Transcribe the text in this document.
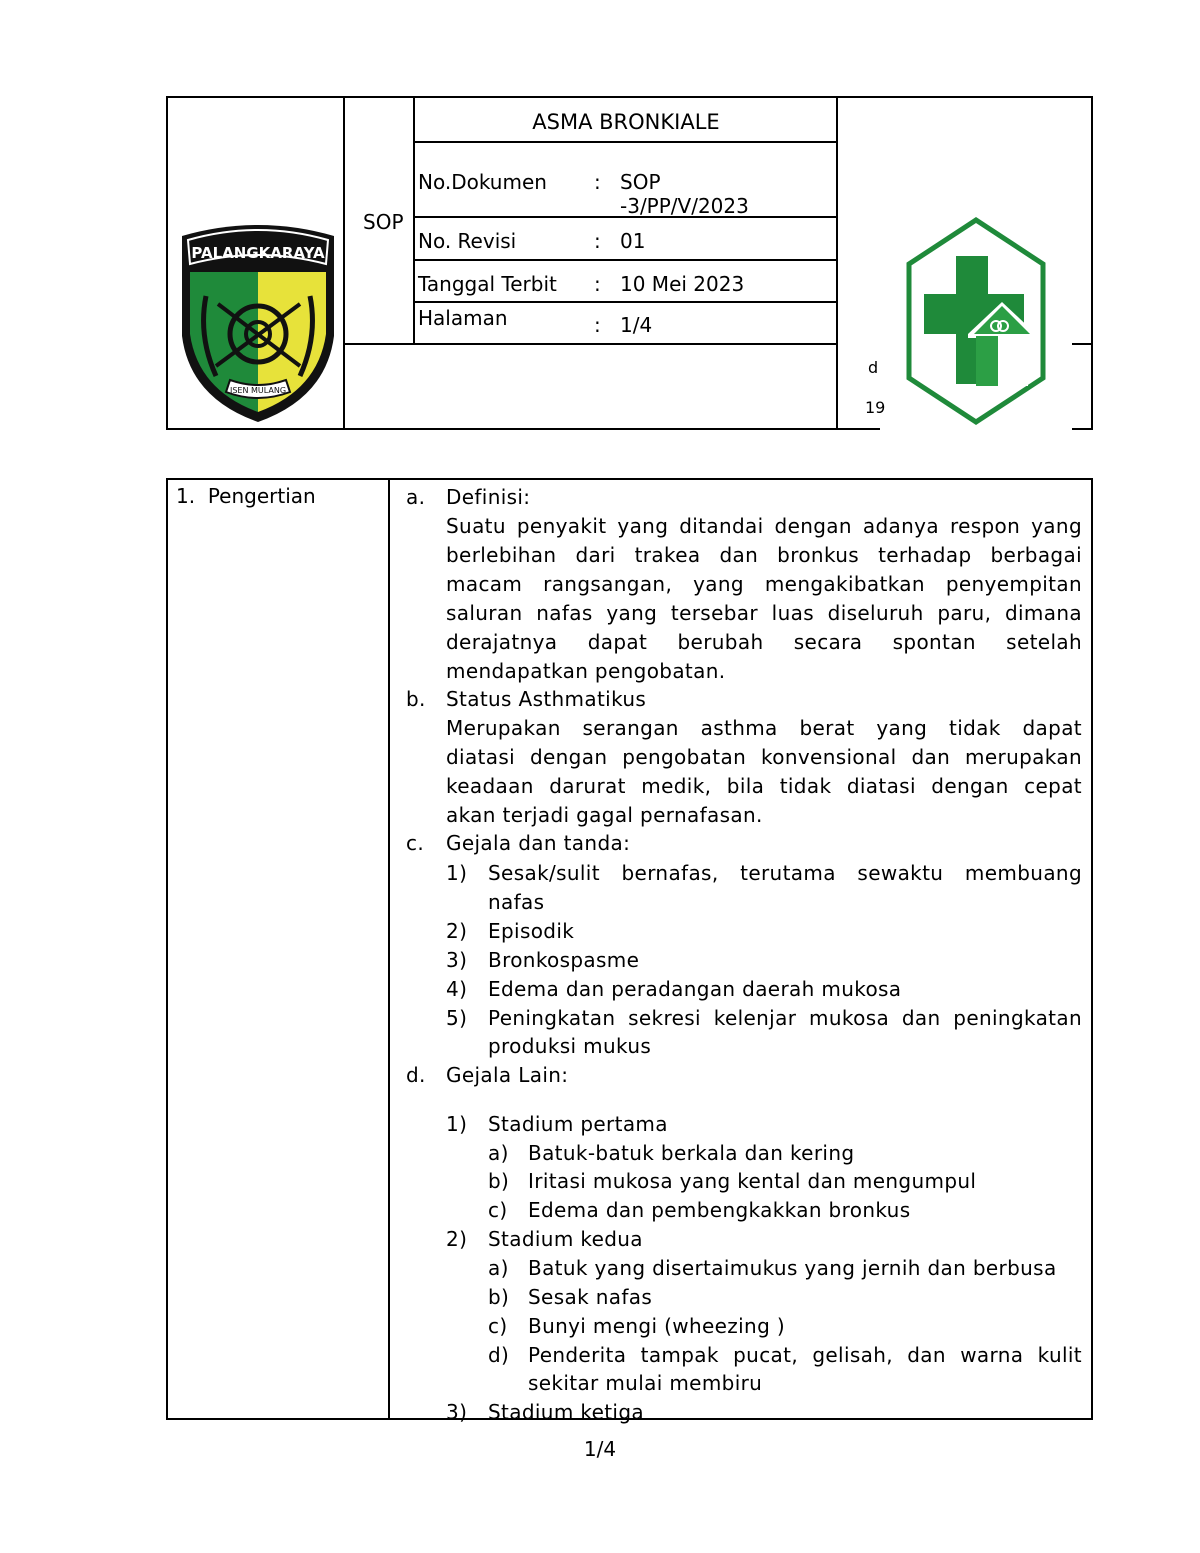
PALANGKARAYA
ISEN MULANG
SOP
ASMA BRONKIALE
No.Dokumen : SOP
-3/PP/V/2023
No. Revisi	: 01
Tanggal Terbit : 10 Mei 2023
Halaman	: 1/4
d
19
1. Pengertian	a. Definisi:
Suatu penyakit yang ditandai dengan adanya respon yang
berlebihan dari trakea dan bronkus terhadap berbagai
macam rangsangan, yang mengakibatkan penyempitan
saluran nafas yang tersebar luas diseluruh paru, dimana
derajatnya dapat berubah secara spontan setelah
mendapatkan pengobatan.
b. Status Asthmatikus
Merupakan serangan asthma berat yang tidak dapat
diatasi dengan pengobatan konvensional dan merupakan
keadaan darurat medik, bila tidak diatasi dengan cepat
akan terjadi gagal pernafasan.
c. Gejala dan tanda:
1) Sesak/sulit bernafas, terutama sewaktu membuang
nafas
2) Episodik
3) Bronkospasme
4) Edema dan peradangan daerah mukosa
5) Peningkatan sekresi kelenjar mukosa dan peningkatan
produksi mukus
d. Gejala Lain:
1) Stadium pertama
a) Batuk-batuk berkala dan kering
b) Iritasi mukosa yang kental dan mengumpul
c) Edema dan pembengkakkan bronkus
2) Stadium kedua
a) Batuk yang disertaimukus yang jernih dan berbusa
b) Sesak nafas
c) Bunyi mengi (wheezing )
d) Penderita tampak pucat, gelisah, dan warna kulit
sekitar mulai membiru
3) Stadium ketiga
1/4
